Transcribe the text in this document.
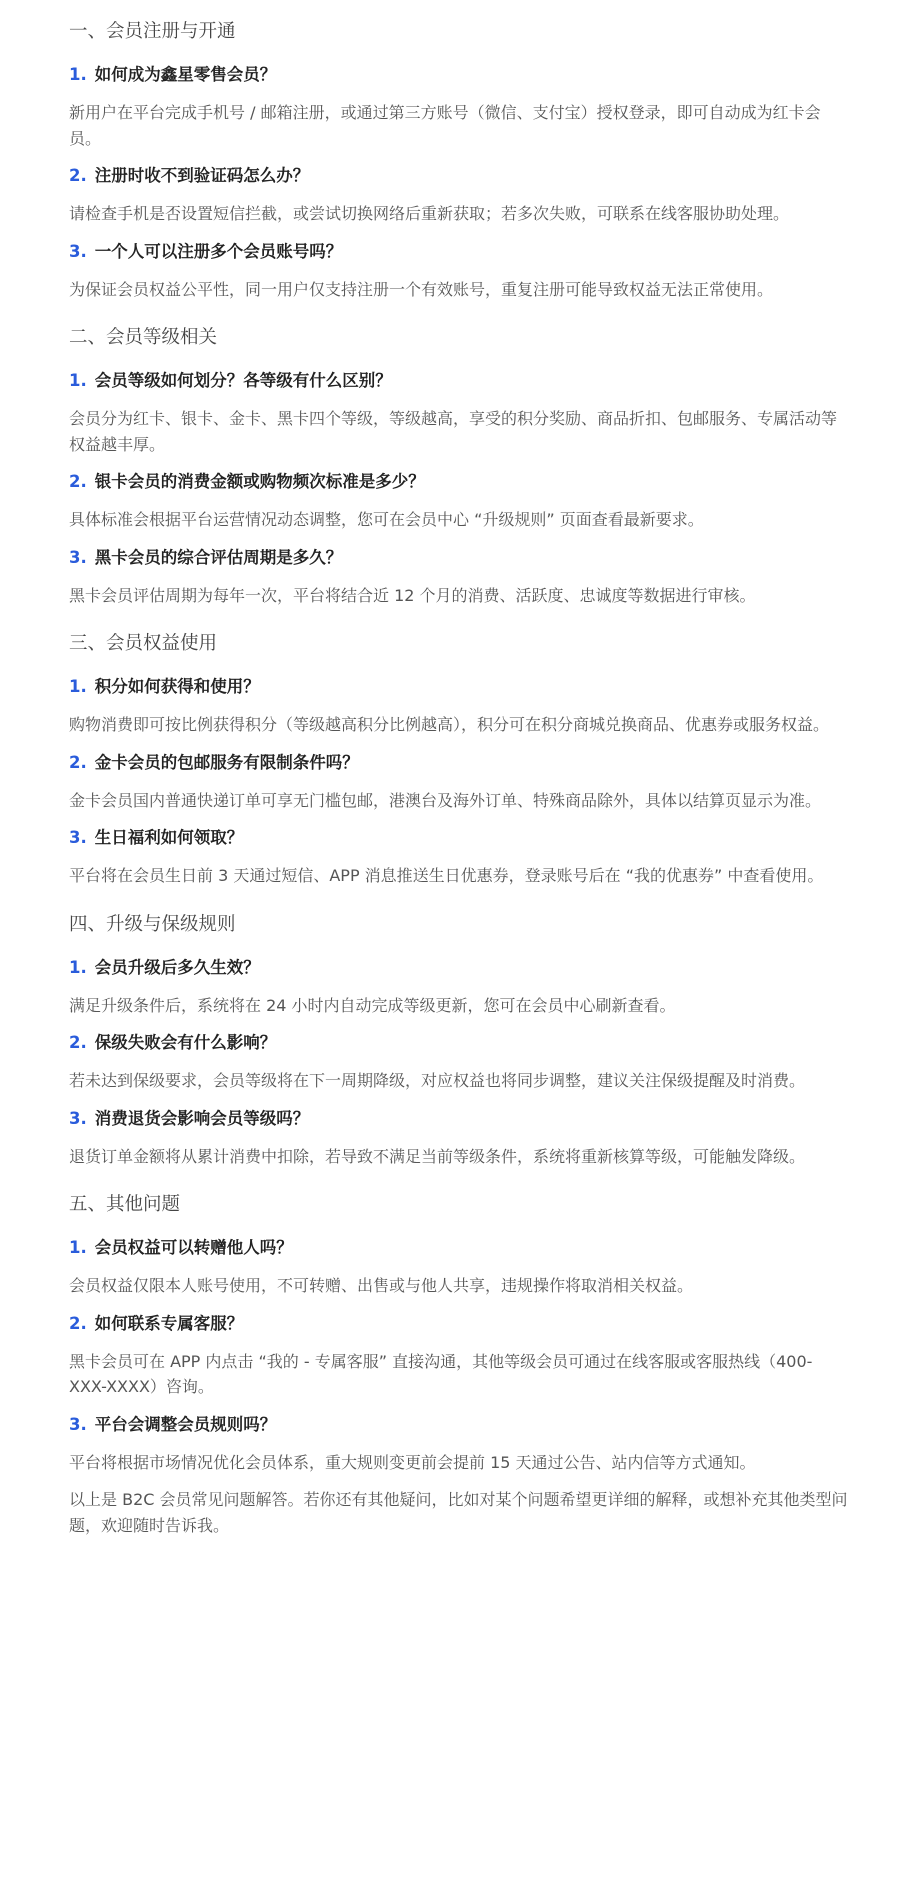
一、会员注册与开通
1. 如何成为鑫星零售会员？

新用户在平台完成手机号 / 邮箱注册，或通过第三方账号（微信、支付宝）授权登录，即可自动成为红卡会员。

2. 注册时收不到验证码怎么办？

请检查手机是否设置短信拦截，或尝试切换网络后重新获取；若多次失败，可联系在线客服协助处理。

3. 一个人可以注册多个会员账号吗？

为保证会员权益公平性，同一用户仅支持注册一个有效账号，重复注册可能导致权益无法正常使用。

二、会员等级相关
1. 会员等级如何划分？各等级有什么区别？

会员分为红卡、银卡、金卡、黑卡四个等级，等级越高，享受的积分奖励、商品折扣、包邮服务、专属活动等权益越丰厚。

2. 银卡会员的消费金额或购物频次标准是多少？

具体标准会根据平台运营情况动态调整，您可在会员中心 “升级规则” 页面查看最新要求。

3. 黑卡会员的综合评估周期是多久？

黑卡会员评估周期为每年一次，平台将结合近 12 个月的消费、活跃度、忠诚度等数据进行审核。

三、会员权益使用
1. 积分如何获得和使用？

购物消费即可按比例获得积分（等级越高积分比例越高），积分可在积分商城兑换商品、优惠券或服务权益。

2. 金卡会员的包邮服务有限制条件吗？

金卡会员国内普通快递订单可享无门槛包邮，港澳台及海外订单、特殊商品除外，具体以结算页显示为准。

3. 生日福利如何领取？

平台将在会员生日前 3 天通过短信、APP 消息推送生日优惠券，登录账号后在 “我的优惠券” 中查看使用。

四、升级与保级规则
1. 会员升级后多久生效？

满足升级条件后，系统将在 24 小时内自动完成等级更新，您可在会员中心刷新查看。

2. 保级失败会有什么影响？

若未达到保级要求，会员等级将在下一周期降级，对应权益也将同步调整，建议关注保级提醒及时消费。

3. 消费退货会影响会员等级吗？

退货订单金额将从累计消费中扣除，若导致不满足当前等级条件，系统将重新核算等级，可能触发降级。

五、其他问题
1. 会员权益可以转赠他人吗？

会员权益仅限本人账号使用，不可转赠、出售或与他人共享，违规操作将取消相关权益。

2. 如何联系专属客服？

黑卡会员可在 APP 内点击 “我的 - 专属客服” 直接沟通，其他等级会员可通过在线客服或客服热线（400-XXX-XXXX）咨询。

3. 平台会调整会员规则吗？

平台将根据市场情况优化会员体系，重大规则变更前会提前 15 天通过公告、站内信等方式通知。

以上是 B2C 会员常见问题解答。若你还有其他疑问，比如对某个问题希望更详细的解释，或想补充其他类型问题，欢迎随时告诉我。
